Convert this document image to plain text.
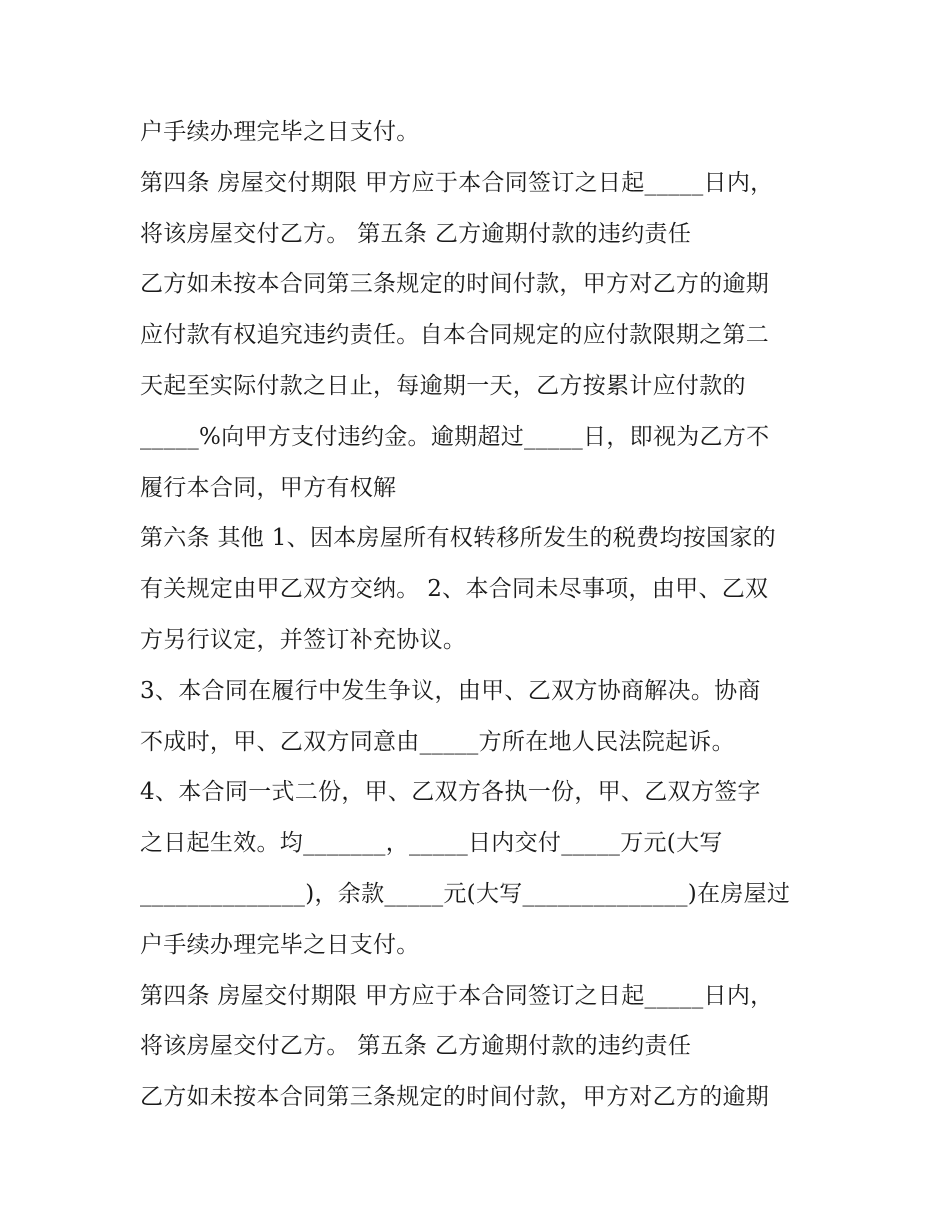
户手续办理完毕之日支付。
第四条 房屋交付期限 甲方应于本合同签订之日起_____日内，
将该房屋交付乙方。 第五条 乙方逾期付款的违约责任
乙方如未按本合同第三条规定的时间付款，甲方对乙方的逾期
应付款有权追究违约责任。自本合同规定的应付款限期之第二
天起至实际付款之日止，每逾期一天，乙方按累计应付款的
_____%向甲方支付违约金。逾期超过_____日，即视为乙方不
履行本合同，甲方有权解
第六条 其他 1、因本房屋所有权转移所发生的税费均按国家的
有关规定由甲乙双方交纳。 2、本合同未尽事项，由甲、乙双
方另行议定，并签订补充协议。
3、本合同在履行中发生争议，由甲、乙双方协商解决。协商
不成时，甲、乙双方同意由_____方所在地人民法院起诉。
4、本合同一式二份，甲、乙双方各执一份，甲、乙双方签字
之日起生效。均_______，_____日内交付_____万元(大写
______________)，余款_____元(大写______________)在房屋过
户手续办理完毕之日支付。
第四条 房屋交付期限 甲方应于本合同签订之日起_____日内，
将该房屋交付乙方。 第五条 乙方逾期付款的违约责任
乙方如未按本合同第三条规定的时间付款，甲方对乙方的逾期
